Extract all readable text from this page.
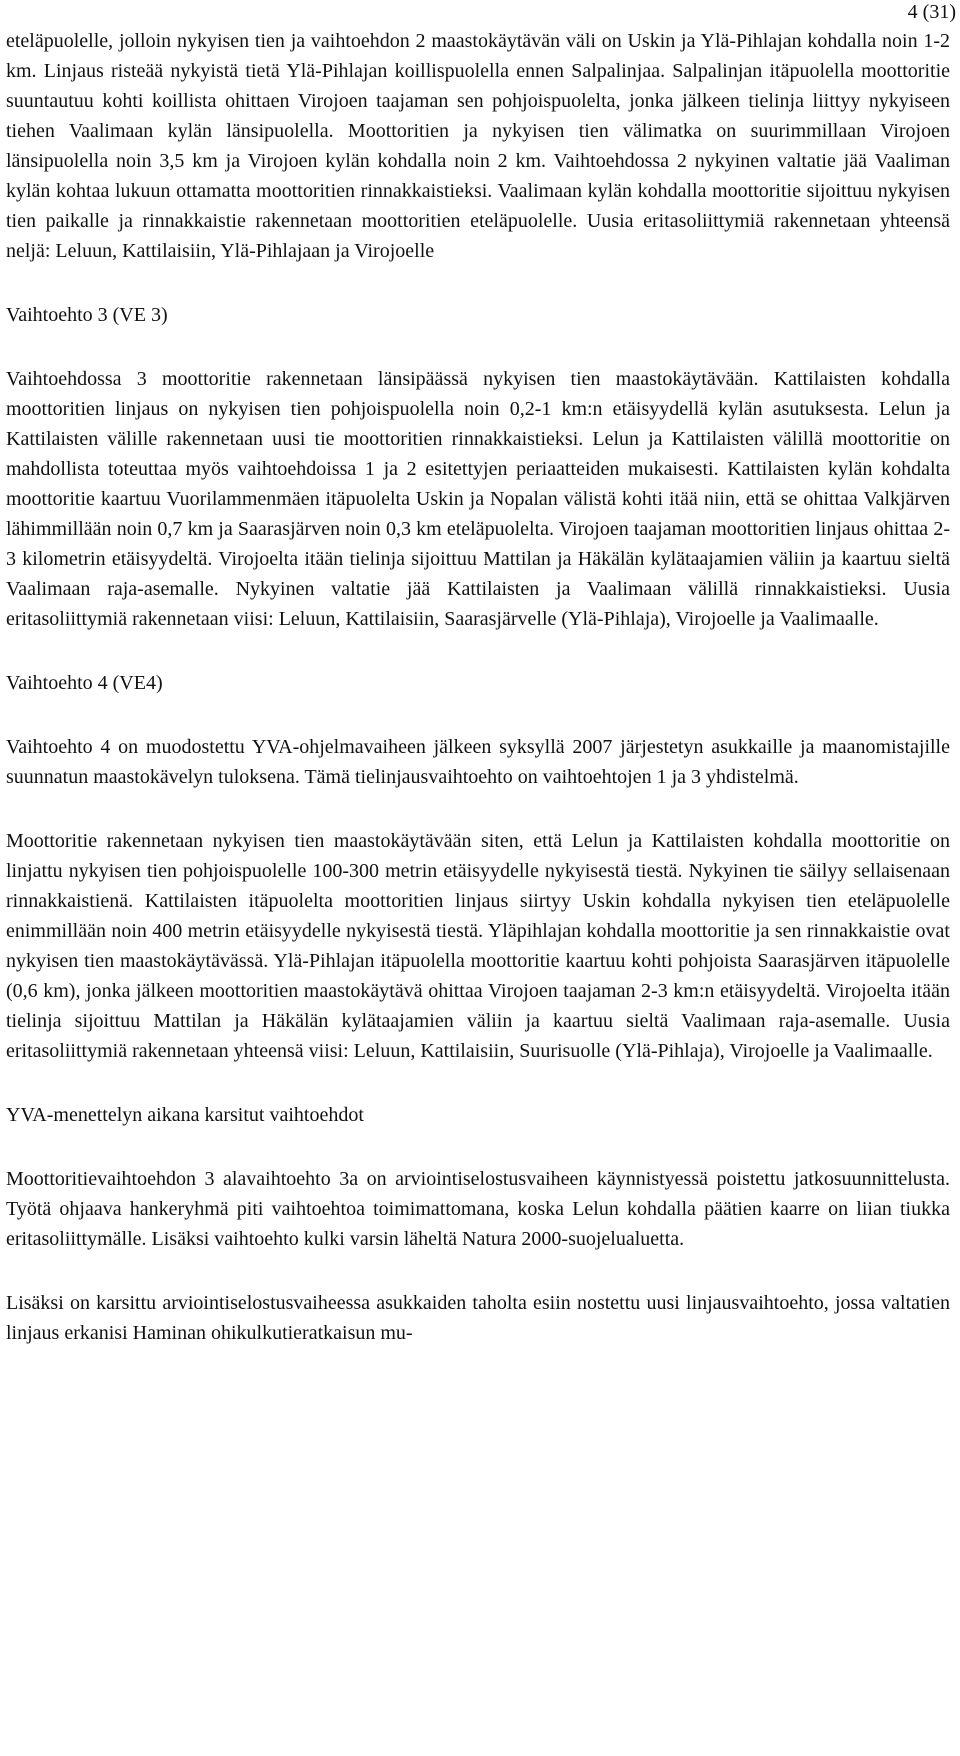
4 (31)

eteläpuolelle, jolloin nykyisen tien ja vaihtoehdon 2 maastokäytävän väli on Uskin ja Ylä-Pihlajan kohdalla noin 1-2 km. Linjaus risteää nykyistä tietä Ylä-Pihlajan koillispuolella ennen Salpalinjaa. Salpalinjan itäpuolella moottoritie suuntautuu kohti koillista ohittaen Virojoen taajaman sen pohjoispuolelta, jonka jälkeen tielinja liittyy nykyiseen tiehen Vaalimaan kylän länsipuolella. Moottoritien ja nykyisen tien välimatka on suurimmillaan Virojoen länsipuolella noin 3,5 km ja Virojoen kylän kohdalla noin 2 km. Vaihtoehdossa 2 nykyinen valtatie jää Vaaliman kylän kohtaa lukuun ottamatta moottoritien rinnakkaistieksi. Vaalimaan kylän kohdalla moottoritie sijoittuu nykyisen tien paikalle ja rinnakkaistie rakennetaan moottoritien eteläpuolelle. Uusia eritasoliittymiä rakennetaan yhteensä neljä: Leluun, Kattilaisiin, Ylä-Pihlajaan ja Virojoelle

Vaihtoehto 3 (VE 3)

Vaihtoehdossa 3 moottoritie rakennetaan länsipäässä nykyisen tien maastokäytävään. Kattilaisten kohdalla moottoritien linjaus on nykyisen tien pohjoispuolella noin 0,2-1 km:n etäisyydellä kylän asutuksesta. Lelun ja Kattilaisten välille rakennetaan uusi tie moottoritien rinnakkaistieksi. Lelun ja Kattilaisten välillä moottoritie on mahdollista toteuttaa myös vaihtoehdoissa 1 ja 2 esitettyjen periaatteiden mukaisesti. Kattilaisten kylän kohdalta moottoritie kaartuu Vuorilammenmäen itäpuolelta Uskin ja Nopalan välistä kohti itää niin, että se ohittaa Valkjärven lähimmillään noin 0,7 km ja Saarasjärven noin 0,3 km eteläpuolelta. Virojoen taajaman moottoritien linjaus ohittaa 2-3 kilometrin etäisyydeltä. Virojoelta itään tielinja sijoittuu Mattilan ja Häkälän kylätaajamien väliin ja kaartuu sieltä Vaalimaan raja-asemalle. Nykyinen valtatie jää Kattilaisten ja Vaalimaan välillä rinnakkaistieksi. Uusia eritasoliittymiä rakennetaan viisi: Leluun, Kattilaisiin, Saarasjärvelle (Ylä-Pihlaja), Virojoelle ja Vaalimaalle.

Vaihtoehto 4 (VE4)

Vaihtoehto 4 on muodostettu YVA-ohjelmavaiheen jälkeen syksyllä 2007 järjestetyn asukkaille ja maanomistajille suunnatun maastokävelyn tuloksena. Tämä tielinjausvaihtoehto on vaihtoehtojen 1 ja 3 yhdistelmä.

Moottoritie rakennetaan nykyisen tien maastokäytävään siten, että Lelun ja Kattilaisten kohdalla moottoritie on linjattu nykyisen tien pohjoispuolelle 100-300 metrin etäisyydelle nykyisestä tiestä. Nykyinen tie säilyy sellaisenaan rinnakkaistienä. Kattilaisten itäpuolelta moottoritien linjaus siirtyy Uskin kohdalla nykyisen tien eteläpuolelle enimmillään noin 400 metrin etäisyydelle nykyisestä tiestä. Yläpihlajan kohdalla moottoritie ja sen rinnakkaistie ovat nykyisen tien maastokäytävässä. Ylä-Pihlajan itäpuolella moottoritie kaartuu kohti pohjoista Saarasjärven itäpuolelle (0,6 km), jonka jälkeen moottoritien maastokäytävä ohittaa Virojoen taajaman 2-3 km:n etäisyydeltä. Virojoelta itään tielinja sijoittuu Mattilan ja Häkälän kylätaajamien väliin ja kaartuu sieltä Vaalimaan raja-asemalle. Uusia eritasoliittymiä rakennetaan yhteensä viisi: Leluun, Kattilaisiin, Suurisuolle (Ylä-Pihlaja), Virojoelle ja Vaalimaalle.

YVA-menettelyn aikana karsitut vaihtoehdot

Moottoritievaihtoehdon 3 alavaihtoehto 3a on arviointiselostusvaiheen käynnistyessä poistettu jatkosuunnittelusta. Työtä ohjaava hankeryhmä piti vaihtoehtoa toimimattomana, koska Lelun kohdalla päätien kaarre on liian tiukka eritasoliittymälle. Lisäksi vaihtoehto kulki varsin läheltä Natura 2000-suojelualuetta.

Lisäksi on karsittu arviointiselostusvaiheessa asukkaiden taholta esiin nostettu uusi linjausvaihtoehto, jossa valtatien linjaus erkanisi Haminan ohikulkutieratkaisun mu-
